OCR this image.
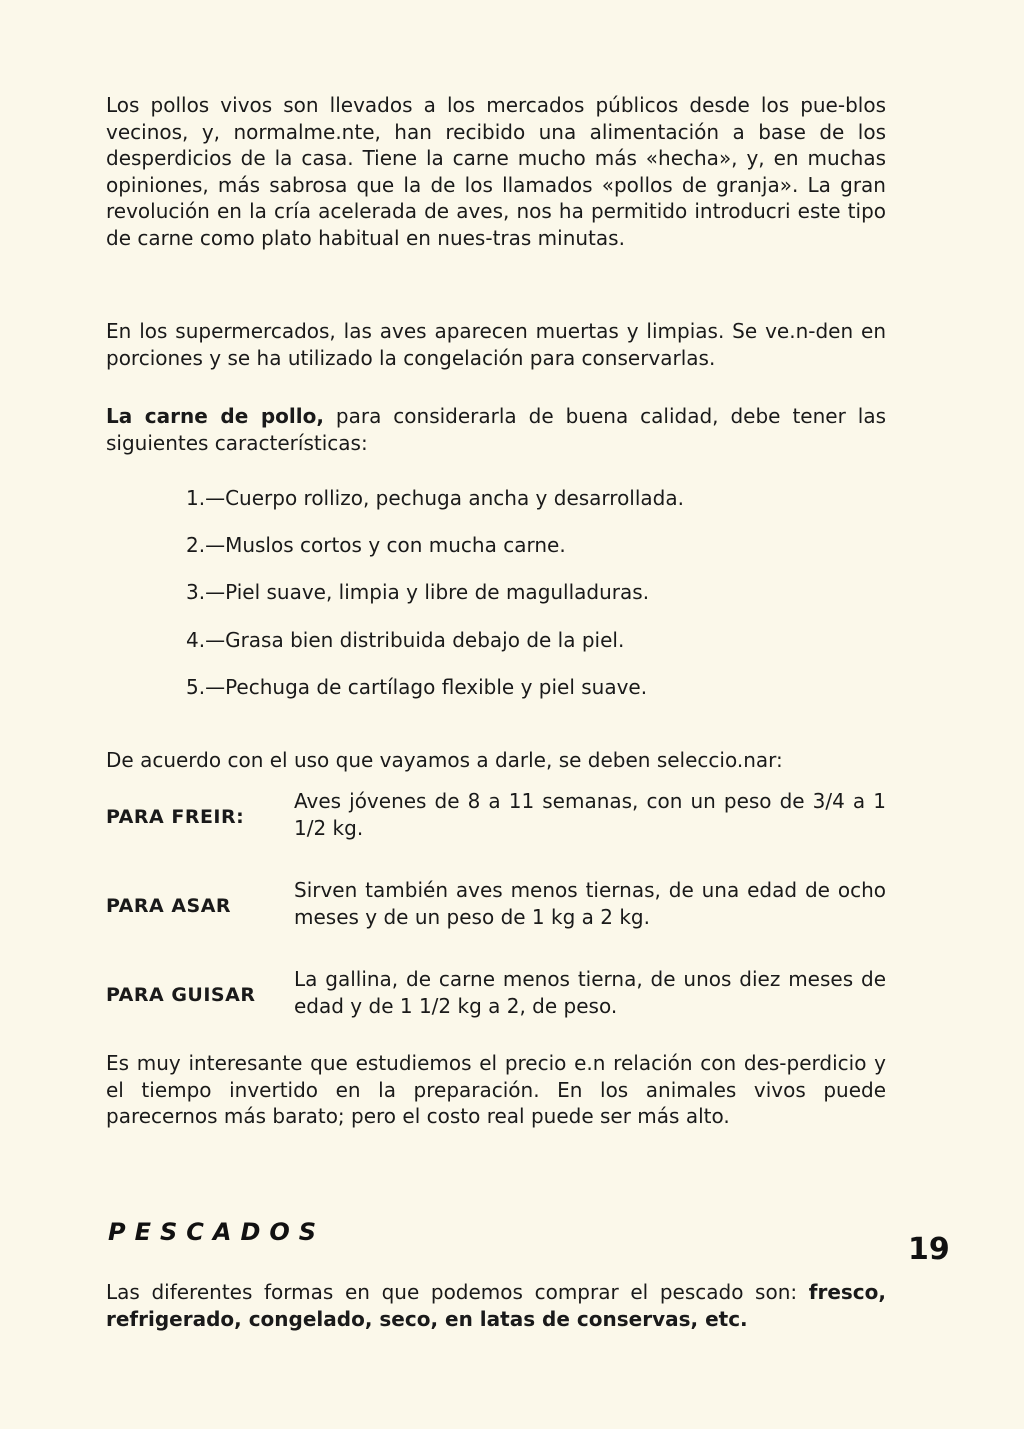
Los pollos vivos son llevados a los mercados públicos desde los pue-blos vecinos, y, normalme.nte, han recibido una alimentación a base de los desperdicios de la casa. Tiene la carne mucho más «hecha», y, en muchas opiniones, más sabrosa que la de los llamados «pollos de granja». La gran revolución en la cría acelerada de aves, nos ha permitido introducri este tipo de carne como plato habitual en nues-tras minutas.

En los supermercados, las aves aparecen muertas y limpias. Se ve.n-den en porciones y se ha utilizado la congelación para conservarlas.

La carne de pollo, para considerarla de buena calidad, debe tener las siguientes características:

1.—Cuerpo rollizo, pechuga ancha y desarrollada.
2.—Muslos cortos y con mucha carne.
3.—Piel suave, limpia y libre de magulladuras.
4.—Grasa bien distribuida debajo de la piel.
5.—Pechuga de cartílago flexible y piel suave.

De acuerdo con el uso que vayamos a darle, se deben seleccio.nar:

PARA FREIR:
Aves jóvenes de 8 a 11 semanas, con un peso de 3/4 a 1 1/2 kg.
PARA ASAR
Sirven también aves menos tiernas, de una edad de ocho meses y de un peso de 1 kg a 2 kg.
PARA GUISAR
La gallina, de carne menos tierna, de unos diez meses de edad y de 1 1/2 kg a 2, de peso.

Es muy interesante que estudiemos el precio e.n relación con des-perdicio y el tiempo invertido en la preparación. En los animales vivos puede parecernos más barato; pero el costo real puede ser más alto.

PESCADOS	19

Las diferentes formas en que podemos comprar el pescado son: fresco, refrigerado, congelado, seco, en latas de conservas, etc.
